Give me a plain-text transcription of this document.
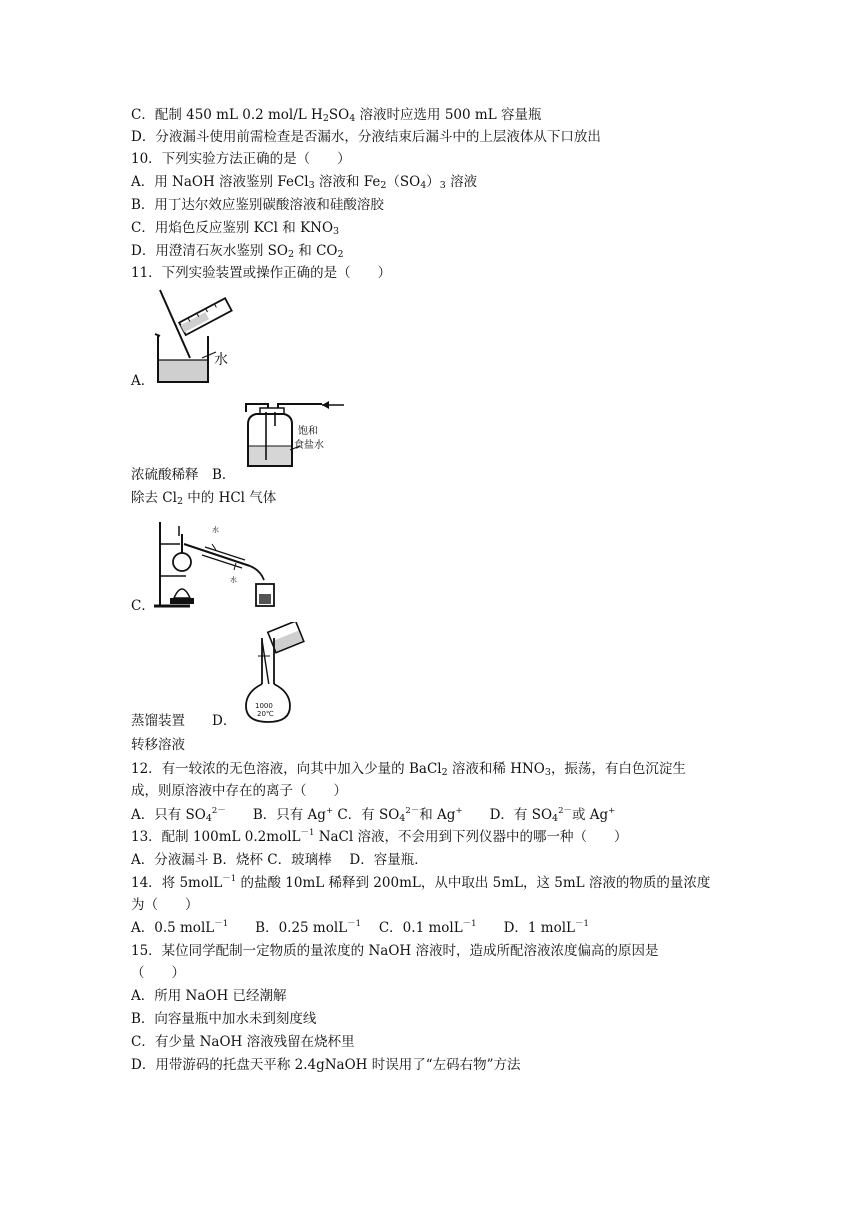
C．配制 450 mL 0.2 mol/L $H_2SO_4$ 溶液时应选用 500 mL 容量瓶
D．分液漏斗使用前需检查是否漏水，分液结束后漏斗中的上层液体从下口放出
10．下列实验方法正确的是（　　）
A．用 NaOH 溶液鉴别 FeCl$_3$ 溶液和 $Fe_2(SO_4)_3$ 溶液
B．用丁达尔效应鉴别碳酸溶液和硅酸溶胶
C．用焰色反应鉴别 KCl 和 $KNO_3$
D．用澄清石灰水鉴别 $SO_2$ 和 $CO_2$
11．下列实验装置或操作正确的是（　　）
水
A．
饱和
食盐水
浓硫酸稀释　B．
除去 $Cl_2$ 中的 HCl 气体
水
水
C．
1000
20℃
蒸馏装置　　D．
转移溶液
12．有一较浓的无色溶液，向其中加入少量的 BaCl$_2$ 溶液和稀 $HNO_3$，振荡，有白色沉淀生
成，则原溶液中存在的离子（　　）
A．只有 $SO_4^{2-}$　　B．只有 Ag+ C．有 $SO_4^{2-}$和 Ag+　　D．有 $SO_4^{2-}$或 Ag+
13．配制 100mL 0.2molL$^{-1}$ NaCl 溶液，不会用到下列仪器中的哪一种（　　）
A．分液漏斗 B．烧杯 C．玻璃棒　 D．容量瓶．
14．将 5molL$^{-1}$ 的盐酸 10mL 稀释到 200mL，从中取出 5mL，这 5mL 溶液的物质的量浓度
为（　　）
A．0.5 molL$^{-1}$　　B．0.25 molL$^{-1}$　 C．0.1 molL$^{-1}$　　D．1 molL$^{-1}$
15．某位同学配制一定物质的量浓度的 NaOH 溶液时，造成所配溶液浓度偏高的原因是
（　　）
A．所用 NaOH 已经潮解
B．向容量瓶中加水未到刻度线
C．有少量 NaOH 溶液残留在烧杯里
D．用带游码的托盘天平称 2.4gNaOH 时误用了“左码右物”方法
